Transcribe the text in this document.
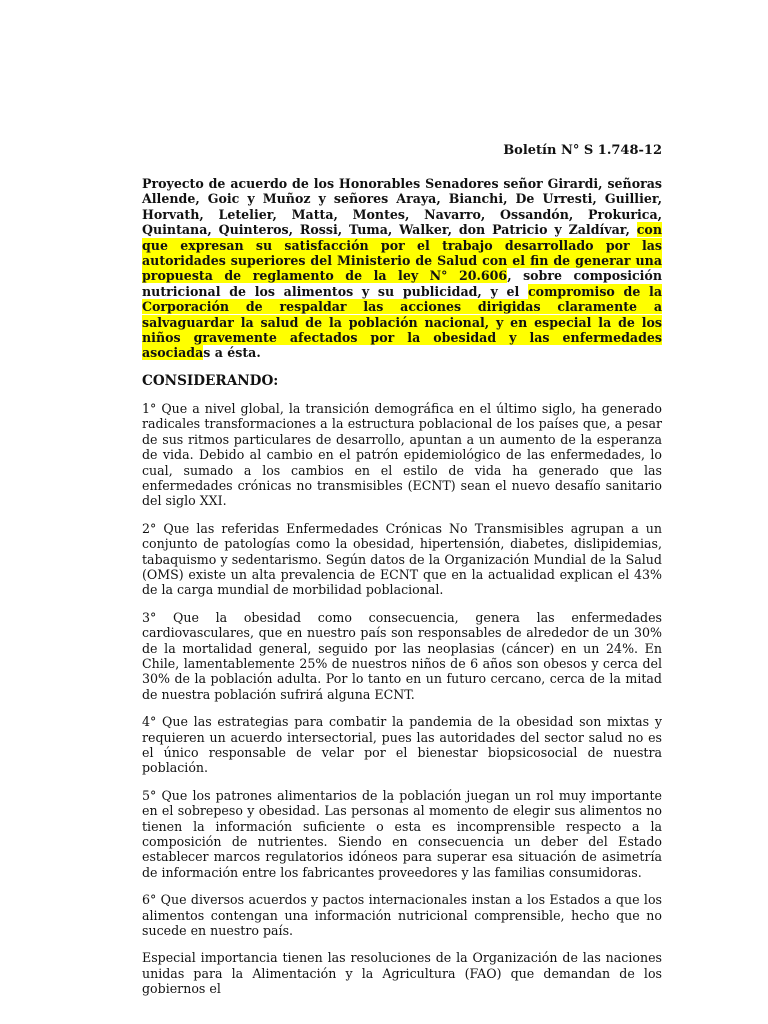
Boletín N° S 1.748-12

Proyecto de acuerdo de los Honorables Senadores señor Girardi, señoras Allende, Goic y Muñoz y señores Araya, Bianchi, De Urresti, Guillier, Horvath, Letelier, Matta, Montes, Navarro, Ossandón, Prokurica, Quintana, Quinteros, Rossi, Tuma, Walker, don Patricio y Zaldívar, con que expresan su satisfacción por el trabajo desarrollado por las autoridades superiores del Ministerio de Salud con el fin de generar una propuesta de reglamento de la ley N° 20.606, sobre composición nutricional de los alimentos y su publicidad, y el compromiso de la Corporación de respaldar las acciones dirigidas claramente a salvaguardar la salud de la población nacional, y en especial la de los niños gravemente afectados por la obesidad y las enfermedades asociadas a ésta.

CONSIDERANDO:

1° Que a nivel global, la transición demográfica en el último siglo, ha generado radicales transformaciones a la estructura poblacional de los países que, a pesar de sus ritmos particulares de desarrollo, apuntan a un aumento de la esperanza de vida. Debido al cambio en el patrón epidemiológico de las enfermedades, lo cual, sumado a los cambios en el estilo de vida ha generado que las enfermedades crónicas no transmisibles (ECNT) sean el nuevo desafío sanitario del siglo XXI.

2° Que las referidas Enfermedades Crónicas No Transmisibles agrupan a un conjunto de patologías como la obesidad, hipertensión, diabetes, dislipidemias, tabaquismo y sedentarismo. Según datos de la Organización Mundial de la Salud (OMS) existe un alta prevalencia de ECNT que en la actualidad explican el 43% de la carga mundial de morbilidad poblacional.

3° Que la obesidad como consecuencia, genera las enfermedades cardiovasculares, que en nuestro país son responsables de alrededor de un 30% de la mortalidad general, seguido por las neoplasias (cáncer) en un 24%. En Chile, lamentablemente 25% de nuestros niños de 6 años son obesos y cerca del 30% de la población adulta. Por lo tanto en un futuro cercano, cerca de la mitad de nuestra población sufrirá alguna ECNT.

4° Que las estrategias para combatir la pandemia de la obesidad son mixtas y requieren un acuerdo intersectorial, pues las autoridades del sector salud no es el único responsable de velar por el bienestar biopsicosocial de nuestra población.

5° Que los patrones alimentarios de la población juegan un rol muy importante en el sobrepeso y obesidad. Las personas al momento de elegir sus alimentos no tienen la información suficiente o esta es incomprensible respecto a la composición de nutrientes. Siendo en consecuencia un deber del Estado establecer marcos regulatorios idóneos para superar esa situación de asimetría de información entre los fabricantes proveedores y las familias consumidoras.

6° Que diversos acuerdos y pactos internacionales instan a los Estados a que los alimentos contengan una información nutricional comprensible, hecho que no sucede en nuestro país.

Especial importancia tienen las resoluciones de la Organización de las naciones unidas para la Alimentación y la Agricultura (FAO) que demandan de los gobiernos el
